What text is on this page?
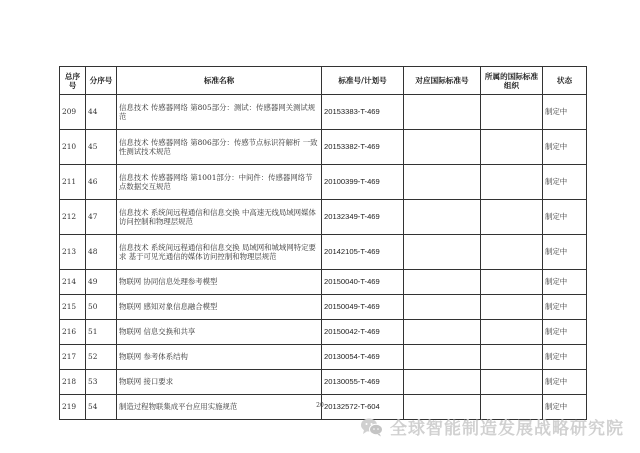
总序号	分序号	标准名称	标准号/计划号	对应国际标准号	所属的国际标准组织	状态
209	44	信息技术 传感器网络 第805部分：测试：传感器网关测试规范	20153383-T-469			制定中
210	45	信息技术 传感器网络 第806部分：传感节点标识符解析 一致性测试技术规范	20153382-T-469			制定中
211	46	信息技术 传感器网络 第1001部分：中间件：传感器网络节点数据交互规范	20100399-T-469			制定中
212	47	信息技术 系统间远程通信和信息交换 中高速无线局域网媒体访问控制和物理层规范	20132349-T-469			制定中
213	48	信息技术 系统间远程通信和信息交换 局域网和城域网特定要求 基于可见光通信的媒体访问控制和物理层规范	20142105-T-469			制定中
214	49	物联网 协同信息处理参考模型	20150040-T-469			制定中
215	50	物联网 感知对象信息融合模型	20150049-T-469			制定中
216	51	物联网 信息交换和共享	20150042-T-469			制定中
217	52	物联网 参考体系结构	20130054-T-469			制定中
218	53	物联网 接口要求	20130055-T-469			制定中
219	54	制造过程物联集成平台应用实施规范	20132572-T-604			制定中
20
全球智能制造发展战略研究院
